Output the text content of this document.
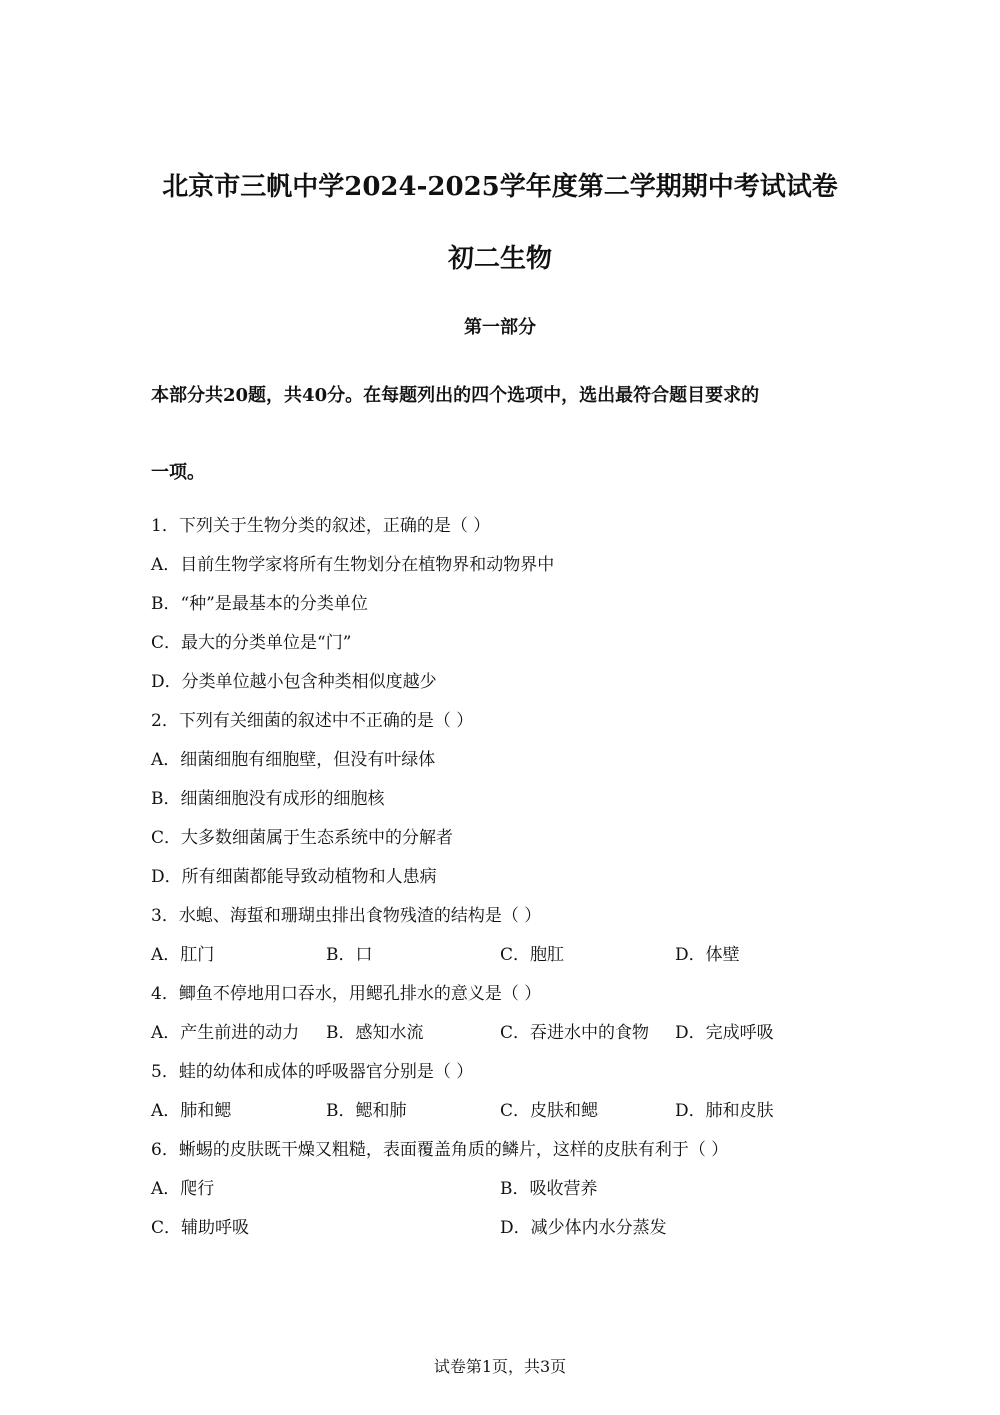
北京市三帆中学2024-2025学年度第二学期期中考试试卷
初二生物
第一部分
本部分共20题，共40分。在每题列出的四个选项中，选出最符合题目要求的
一项。
1．下列关于生物分类的叙述，正确的是（ ）
A．目前生物学家将所有生物划分在植物界和动物界中
B．“种”是最基本的分类单位
C．最大的分类单位是“门”
D．分类单位越小包含种类相似度越少
2．下列有关细菌的叙述中不正确的是（ ）
A．细菌细胞有细胞壁，但没有叶绿体
B．细菌细胞没有成形的细胞核
C．大多数细菌属于生态系统中的分解者
D．所有细菌都能导致动植物和人患病
3．水螅、海蜇和珊瑚虫排出食物残渣的结构是（ ）
A．肛门	B．口	C．胞肛	D．体壁
4．鲫鱼不停地用口吞水，用鳃孔排水的意义是（ ）
A．产生前进的动力 B．感知水流	C．吞进水中的食物 D．完成呼吸
5．蛙的幼体和成体的呼吸器官分别是（ ）
A．肺和鳃	B．鳃和肺	C．皮肤和鳃	D．肺和皮肤
6．蜥蜴的皮肤既干燥又粗糙，表面覆盖角质的鳞片，这样的皮肤有利于（ ）
A．爬行	B．吸收营养
C．辅助呼吸	D．减少体内水分蒸发
试卷第1页，共3页
